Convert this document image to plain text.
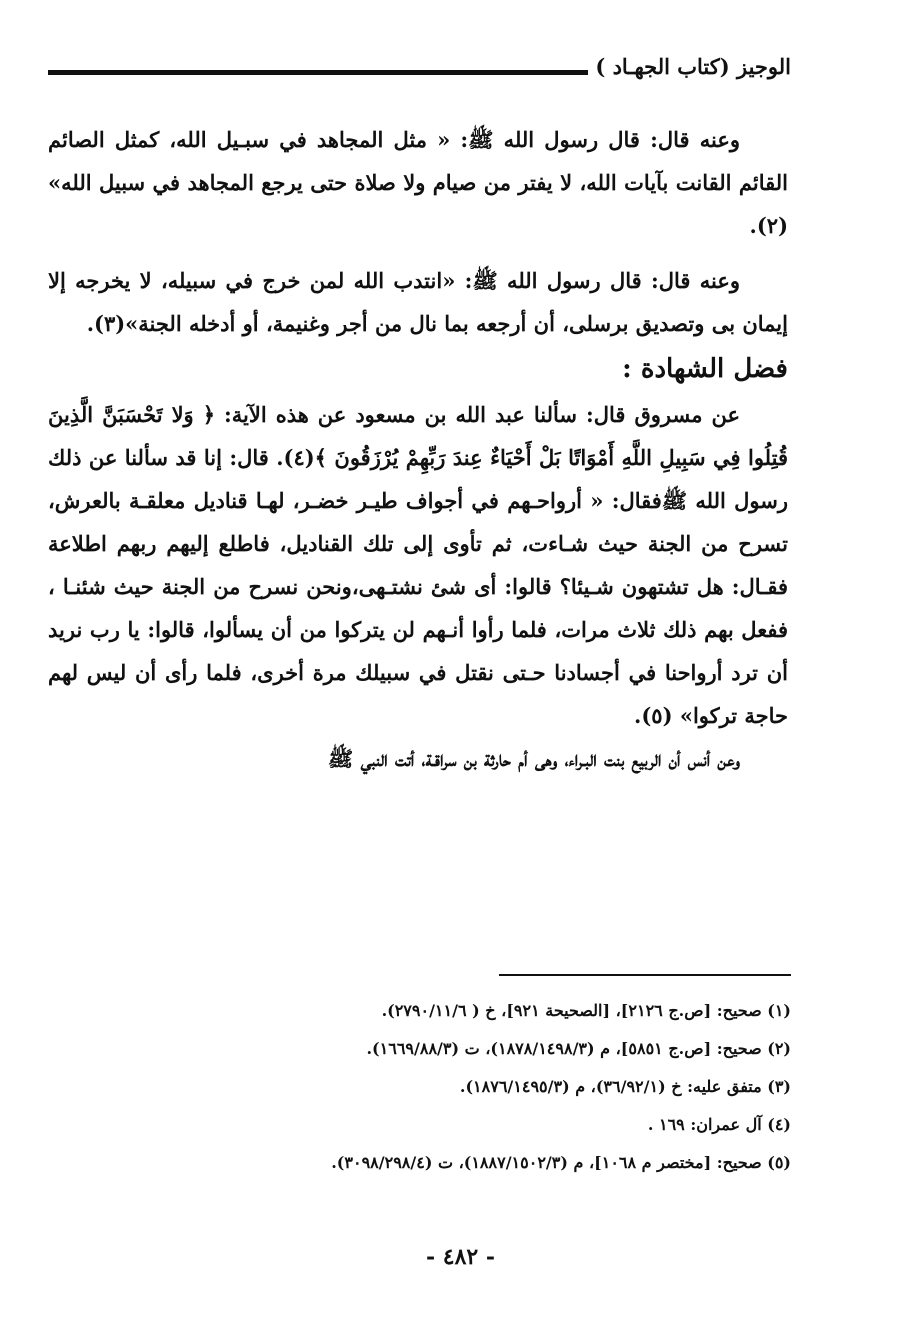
الوجيز (كتاب الجهـاد )

وعنه قال: قال رسول الله ﷺ: « مثل المجاهد في سبـيل الله، كمثل الصائم القائم القانت بآيات الله، لا يفتر من صيام ولا صلاة حتى يرجع المجاهد في سبيل الله» (٢).

وعنه قال: قال رسول الله ﷺ: «انتدب الله لمن خرج في سبيله، لا يخرجه إلا إيمان بى وتصديق برسلى، أن أرجعه بما نال من أجر وغنيمة، أو أدخله الجنة»(٣).

فضل الشهادة :

عن مسروق قال: سألنا عبد الله بن مسعود عن هذه الآية: ﴿ وَلا تَحْسَبَنَّ الَّذِينَ قُتِلُوا فِي سَبِيلِ اللَّهِ أَمْوَاتًا بَلْ أَحْيَاءٌ عِندَ رَبِّهِمْ يُرْزَقُونَ ﴾(٤). قال: إنا قد سألنا عن ذلك رسول الله ﷺفقال: « أرواحـهم في أجواف طيـر خضـر، لهـا قناديل معلقـة بالعرش، تسرح من الجنة حيث شـاءت، ثم تأوى إلى تلك القناديل، فاطلع إليهم ربهم اطلاعة فقـال: هل تشتهون شـيئا؟ قالوا: أى شئ نشتـهى،ونحن نسرح من الجنة حيث شئنـا ، ففعل بهم ذلك ثلاث مرات، فلما رأوا أنـهم لن يتركوا من أن يسألوا، قالوا: يا رب نريد أن ترد أرواحنا في أجسادنا حـتى نقتل في سبيلك مرة أخرى، فلما رأى أن ليس لهم حاجة تركوا» (٥).

وعن أنس أن الربيع بنت البـراء، وهى أم حارثة بن سراقـة، أتت النبي ﷺ

(١) صحيح: [ص.ج ٢١٢٦]، [الصحيحة ٩٢١]، خ ( ٢٧٩٠/١١/٦).

(٢) صحيح: [ص.ج ٥٨٥١]، م (١٨٧٨/١٤٩٨/٣)، ت (١٦٦٩/٨٨/٣).

(٣) متفق عليه: خ (٣٦/٩٢/١)، م (١٨٧٦/١٤٩٥/٣).

(٤) آل عمران: ١٦٩ .

(٥) صحيح: [مختصر م ١٠٦٨]، م (١٨٨٧/١٥٠٢/٣)، ت (٣٠٩٨/٢٩٨/٤).

- ٤٨٢ -
